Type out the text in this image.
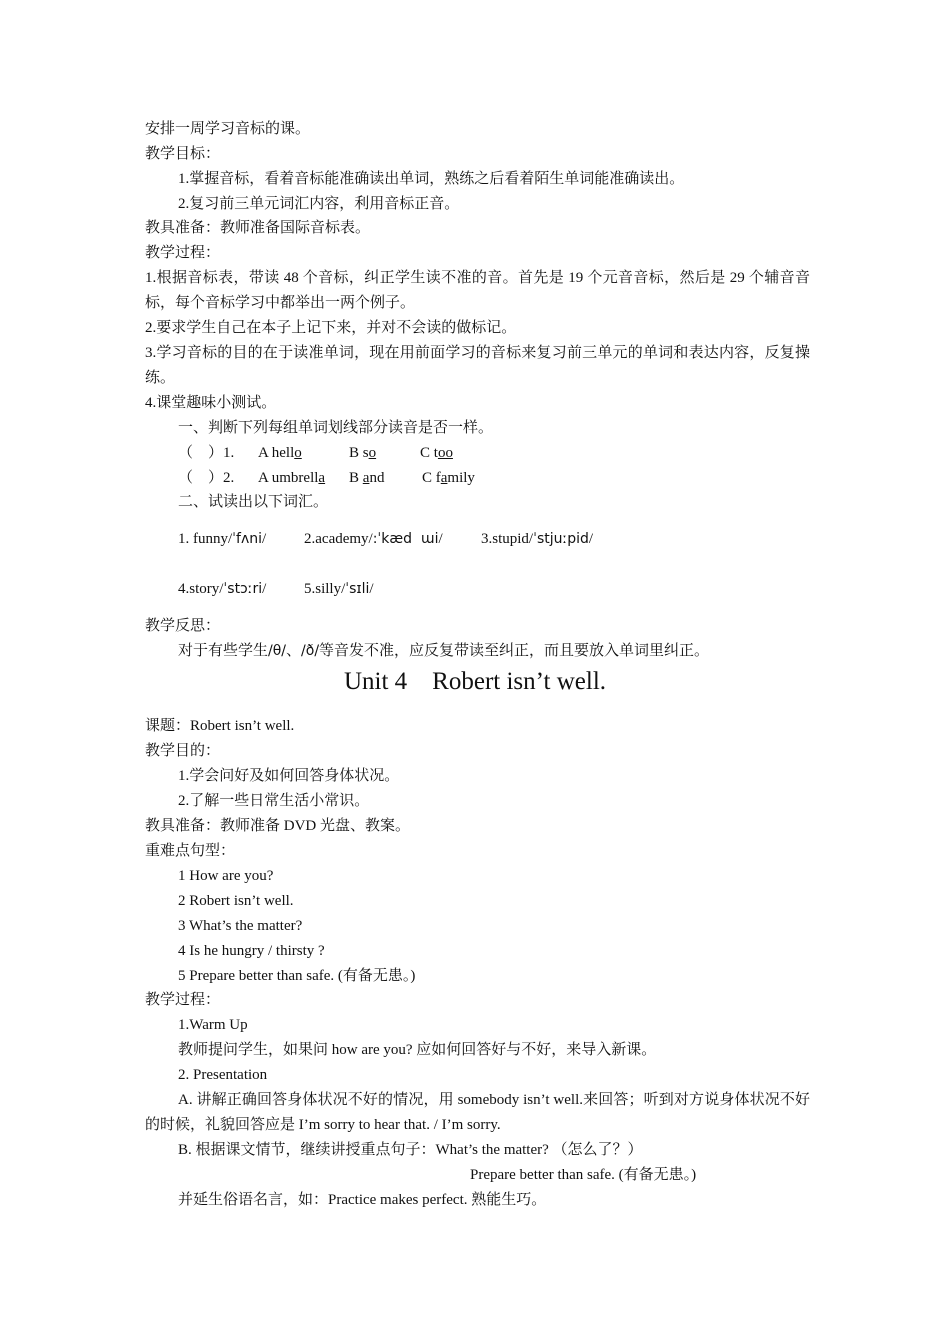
安排一周学习音标的课。
教学目标：
1.掌握音标，看着音标能准确读出单词，熟练之后看着陌生单词能准确读出。
2.复习前三单元词汇内容，利用音标正音。
教具准备：教师准备国际音标表。
教学过程：
1.根据音标表，带读 48 个音标，纠正学生读不准的音。首先是 19 个元音音标，然后是 29 个辅音音标，每个音标学习中都举出一两个例子。
2.要求学生自己在本子上记下来，并对不会读的做标记。
3.学习音标的目的在于读准单词，现在用前面学习的音标来复习前三单元的单词和表达内容，反复操练。
4.课堂趣味小测试。
一、判断下列每组单词划线部分读音是否一样。
（　）1. A hello	B so	C too
（　）2. A umbrella B and	C family
二、试读出以下词汇。
1. funny/ˈfʌni/	2.academy/:ˈkæd  ɯi/	3.stupid/ˈstjuːpid/
4.story/ˈstɔːri/	5.silly/ˈsɪli/
教学反思：
对于有些学生/θ/、/ð/等音发不准，应反复带读至纠正，而且要放入单词里纠正。
Unit 4　Robert isn’t well.
课题：Robert isn’t well.
教学目的：
1.学会问好及如何回答身体状况。
2.了解一些日常生活小常识。
教具准备：教师准备 DVD 光盘、教案。
重难点句型：
1 How are you?
2 Robert isn’t well.
3 What’s the matter?
4 Is he hungry / thirsty ?
5 Prepare better than safe. (有备无患。)
教学过程：
1.Warm Up
教师提问学生，如果问 how are you? 应如何回答好与不好，来导入新课。
2. Presentation
A. 讲解正确回答身体状况不好的情况，用 somebody isn’t well.来回答；听到对方说身体状况不好的时候，礼貌回答应是 I’m sorry to hear that. / I’m sorry.
B. 根据课文情节，继续讲授重点句子：What’s the matter? （怎么了？）
Prepare better than safe. (有备无患。)
并延生俗语名言，如：Practice makes perfect. 熟能生巧。
